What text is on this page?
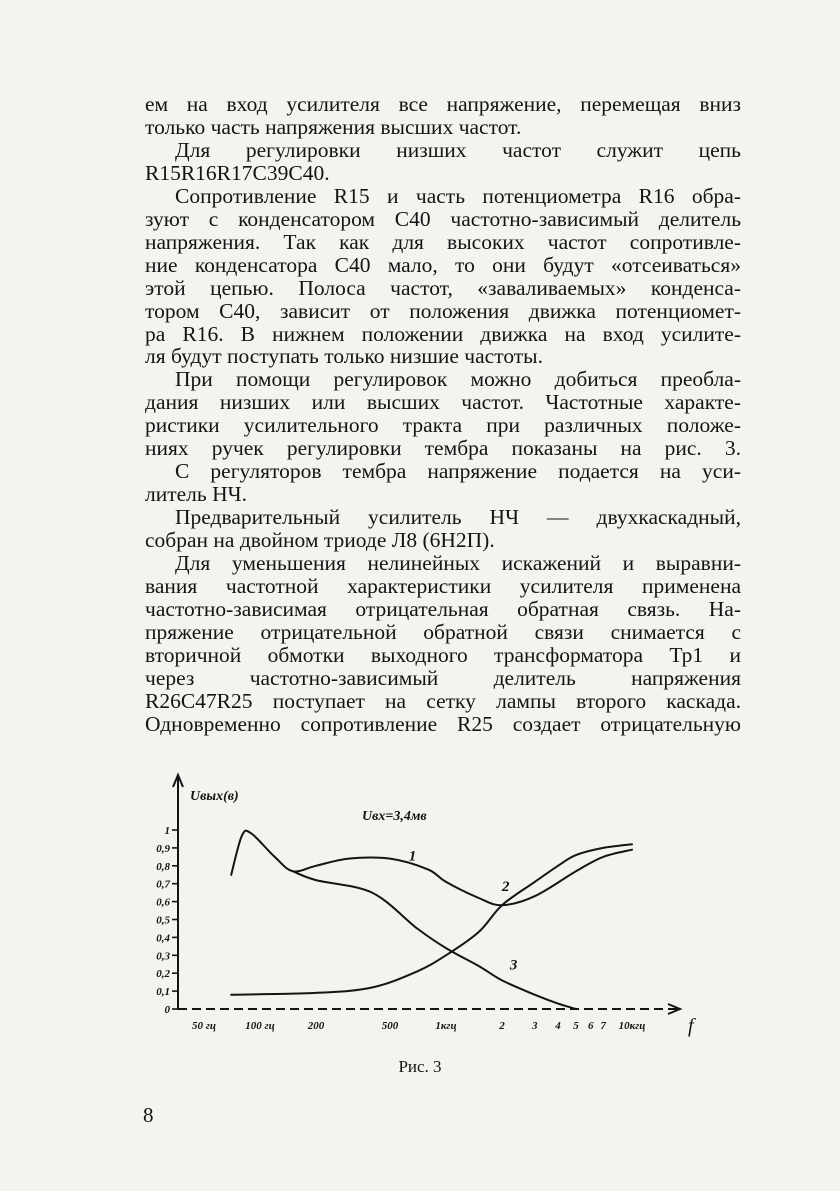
ем на вход усилителя все напряжение, перемещая вниз
только часть напряжения высших частот.
Для регулировки низших частот служит цепь
R15R16R17C39C40.
Сопротивление R15 и часть потенциометра R16 обра-
зуют с конденсатором C40 частотно-зависимый делитель
напряжения. Так как для высоких частот сопротивле-
ние конденсатора C40 мало, то они будут «отсеиваться»
этой цепью. Полоса частот, «заваливаемых» конденса-
тором C40, зависит от положения движка потенциомет-
ра R16. В нижнем положении движка на вход усилите-
ля будут поступать только низшие частоты.
При помощи регулировок можно добиться преобла-
дания низших или высших частот. Частотные характе-
ристики усилительного тракта при различных положе-
ниях ручек регулировки тембра показаны на рис. 3.
С регуляторов тембра напряжение подается на уси-
литель НЧ.
Предварительный усилитель НЧ — двухкаскадный,
собран на двойном триоде Л8 (6Н2П).
Для уменьшения нелинейных искажений и выравни-
вания частотной характеристики усилителя применена
частотно-зависимая отрицательная обратная связь. На-
пряжение отрицательной обратной связи снимается с
вторичной обмотки выходного трансформатора Тр1 и
через частотно-зависимый делитель напряжения
R26C47R25 поступает на сетку лампы второго каскада.
Одновременно сопротивление R25 создает отрицательную
0
0,1
0,2
0,3
0,4
0,5
0,6
0,7
0,8
0,9
1
50 гц	100 гц	200	500	1кгц	2 3 4 5 6 7 10кгц
Uвых(в)
f
Uвх=3,4мв
1
2
3
Рис. 3
8
